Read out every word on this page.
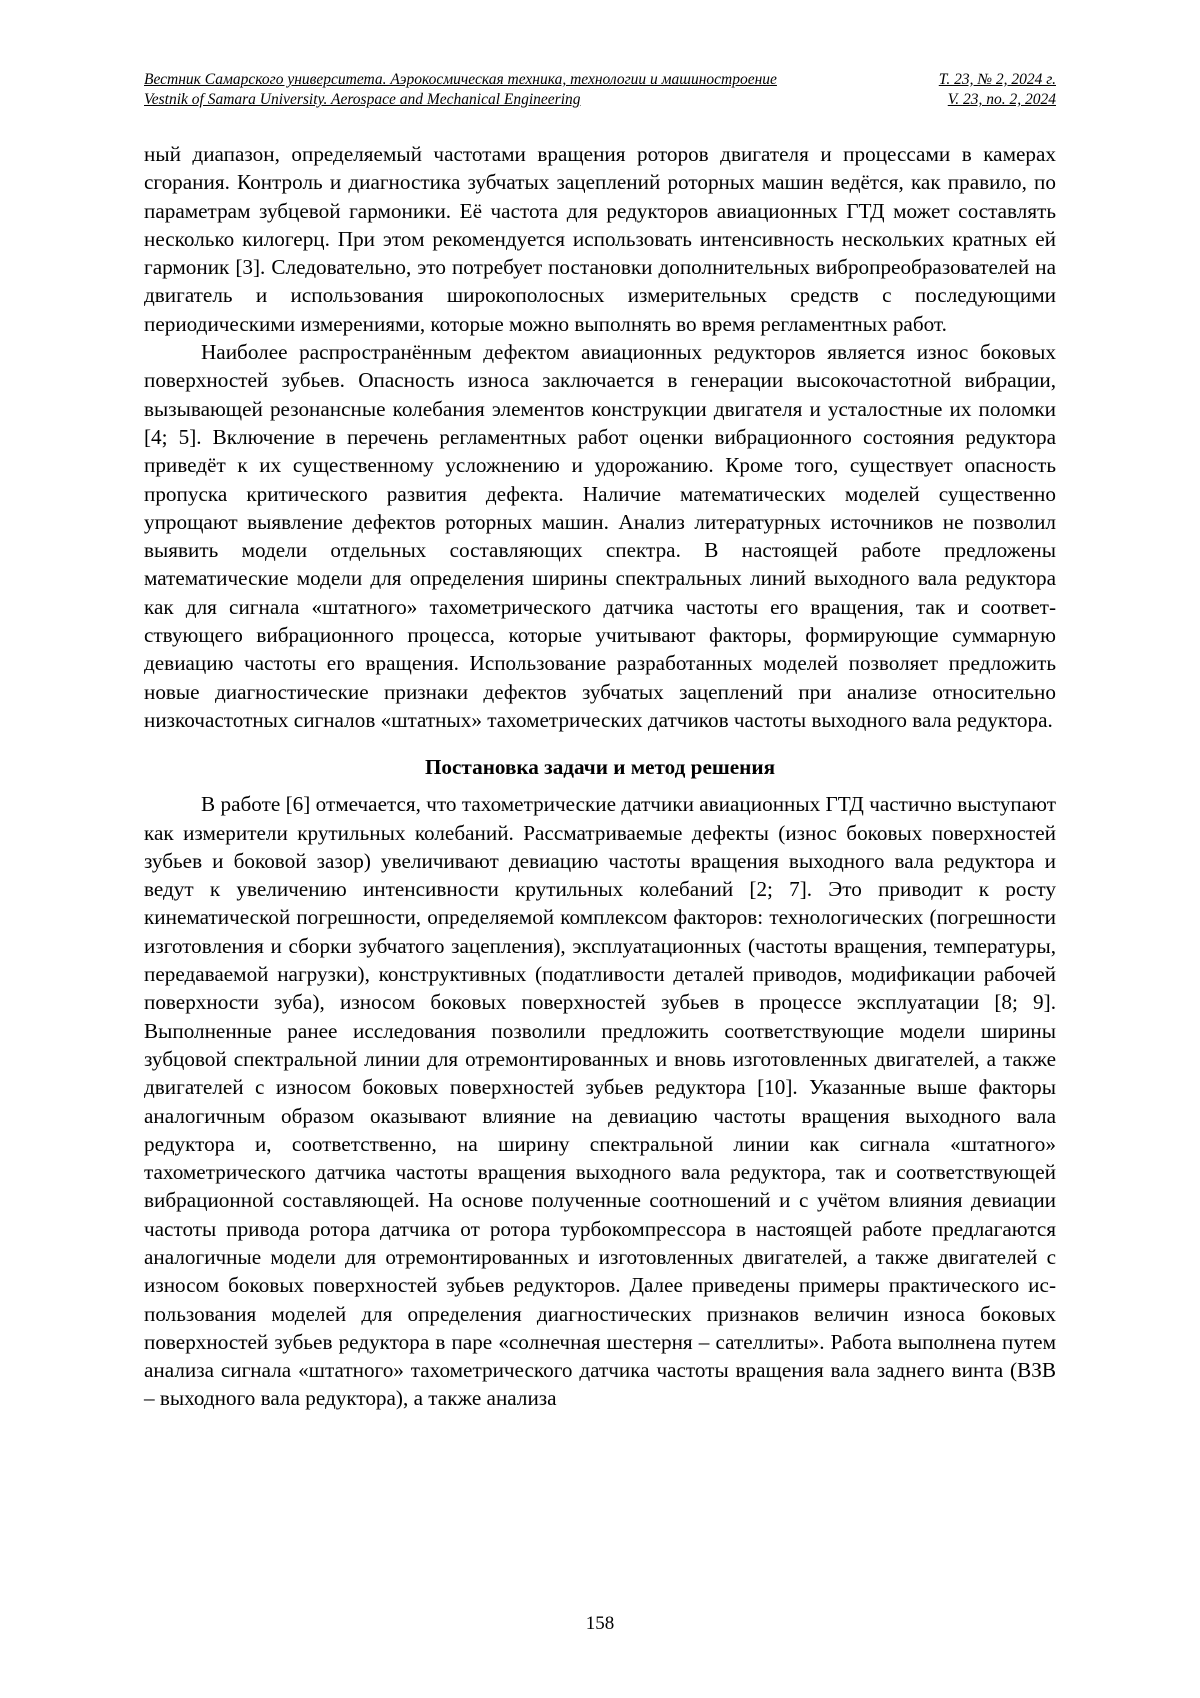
Вестник Самарского университета. Аэрокосмическая техника, технологии и машиностроение	Т. 23, № 2, 2024 г.
Vestnik of Samara University. Aerospace and Mechanical Engineering	V. 23, no. 2, 2024

ный диапазон, определяемый частотами вращения роторов двигателя и процессами в камерах сгорания. Контроль и диагностика зубчатых зацеплений роторных машин ведётся, как правило, по параметрам зубцевой гармоники. Её частота для редукторов авиационных ГТД может составлять несколько килогерц. При этом рекомендуется использовать интенсивность нескольких кратных ей гармоник [3]. Следовательно, это потребует постановки дополнительных вибропреобразователей на двигатель и использования широкополосных измерительных средств с последующими периодическими измерениями, которые можно выполнять во время регламентных работ.

Наиболее распространённым дефектом авиационных редукторов является износ боковых поверхностей зубьев. Опасность износа заключается в генерации высокочастотной вибрации, вызывающей резонансные колебания элементов конструкции двигателя и усталостные их поломки [4; 5]. Включение в перечень регламентных работ оценки вибрационного состояния редуктора приведёт к их существенному усложнению и удорожанию. Кроме того, существует опасность пропуска критического развития дефекта. Наличие математических моделей существенно упрощают выявление дефектов роторных машин. Анализ литературных источников не позволил выявить модели отдельных составляющих спектра. В настоящей работе предложены математические модели для определения ширины спектральных линий выходного вала редуктора как для сигнала «штатного» тахометрического датчика частоты его вращения, так и соответствующего вибрационного процесса, которые учитывают факторы, формирующие суммарную девиацию частоты его вращения. Использование разработанных моделей позволяет предложить новые диагностические признаки дефектов зубчатых зацеплений при анализе относительно низкочастотных сигналов «штатных» тахометрических датчиков частоты выходного вала редуктора.

Постановка задачи и метод решения

В работе [6] отмечается, что тахометрические датчики авиационных ГТД частично выступают как измерители крутильных колебаний. Рассматриваемые дефекты (износ боковых поверхностей зубьев и боковой зазор) увеличивают девиацию частоты вращения выходного вала редуктора и ведут к увеличению интенсивности крутильных колебаний [2; 7]. Это приводит к росту кинематической погрешности, определяемой комплексом факторов: технологических (погрешности изготовления и сборки зубчатого зацепления), эксплуатационных (частоты вращения, температуры, передаваемой нагрузки), конструктивных (податливости деталей приводов, модификации рабочей поверхности зуба), износом боковых поверхностей зубьев в процессе эксплуатации [8; 9]. Выполненные ранее исследования позволили предложить соответствующие модели ширины зубцовой спектральной линии для отремонтированных и вновь изготовленных двигателей, а также двигателей с износом боковых поверхностей зубьев редуктора [10]. Указанные выше факторы аналогичным образом оказывают влияние на девиацию частоты вращения выходного вала редуктора и, соответственно, на ширину спектральной линии как сигнала «штатного» тахометрического датчика частоты вращения выходного вала редуктора, так и соответствующей вибрационной составляющей. На основе полученные соотношений и с учётом влияния девиации частоты привода ротора датчика от ротора турбокомпрессора в настоящей работе предлагаются аналогичные модели для отремонтированных и изготовленных двигателей, а также двигателей с износом боковых поверхностей зубьев редукторов. Далее приведены примеры практического использования моделей для определения диагностических признаков величин износа боковых поверхностей зубьев редуктора в паре «солнечная шестерня – сателлиты». Работа выполнена путем анализа сигнала «штатного» тахометрического датчика частоты вращения вала заднего винта (ВЗВ – выходного вала редуктора), а также анализа

158
